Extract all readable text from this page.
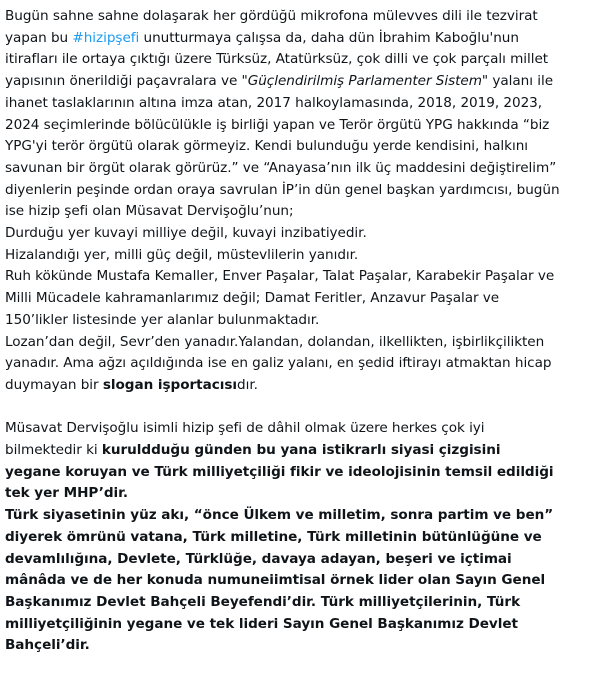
Bugün sahne sahne dolaşarak her gördüğü mikrofona mülevves dili ile tezvirat yapan bu #hizipşefi unutturmaya çalışsa da, daha dün İbrahim Kaboğlu'nun itirafları ile ortaya çıktığı üzere Türksüz, Atatürksüz, çok dilli ve çok parçalı millet yapısının önerildiği paçavralara ve "Güçlendirilmiş Parlamenter Sistem" yalanı ile ihanet taslaklarının altına imza atan, 2017 halkoylamasında, 2018, 2019, 2023, 2024 seçimlerinde bölücülükle iş birliği yapan ve Terör örgütü YPG hakkında “biz YPG'yi terör örgütü olarak görmeyiz. Kendi bulunduğu yerde kendisini, halkını savunan bir örgüt olarak görürüz.” ve “Anayasa’nın ilk üç maddesini değiştirelim” diyenlerin peşinde ordan oraya savrulan İP’in dün genel başkan yardımcısı, bugün ise hizip şefi olan Müsavat Dervişoğlu’nun;
Durduğu yer kuvayi milliye değil, kuvayi inzibatiyedir.
Hizalandığı yer, milli güç değil, müstevlilerin yanıdır.
Ruh kökünde Mustafa Kemaller, Enver Paşalar, Talat Paşalar, Karabekir Paşalar ve Milli Mücadele kahramanlarımız değil; Damat Feritler, Anzavur Paşalar ve 150’likler listesinde yer alanlar bulunmaktadır.
Lozan’dan değil, Sevr’den yanadır.Yalandan, dolandan, ilkellikten, işbirlikçilikten yanadır. Ama ağzı açıldığında ise en galiz yalanı, en şedid iftirayı atmaktan hicap duymayan bir slogan işportacısıdır.
Müsavat Dervişoğlu isimli hizip şefi de dâhil olmak üzere herkes çok iyi bilmektedir ki kuruldduğu günden bu yana istikrarlı siyasi çizgisini yegane koruyan ve Türk milliyetçiliği fikir ve ideolojisinin temsil edildiği tek yer MHP’dir.
Türk siyasetinin yüz akı, “önce Ülkem ve milletim, sonra partim ve ben” diyerek ömrünü vatana, Türk milletine, Türk milletinin bütünlüğüne ve devamlılığına, Devlete, Türklüğe, davaya adayan, beşeri ve içtimai mânâda ve de her konuda numuneiimtisal örnek lider olan Sayın Genel Başkanımız Devlet Bahçeli Beyefendi’dir. Türk milliyetçilerinin, Türk milliyetçiliğinin yegane ve tek lideri Sayın Genel Başkanımız Devlet Bahçeli’dir.
